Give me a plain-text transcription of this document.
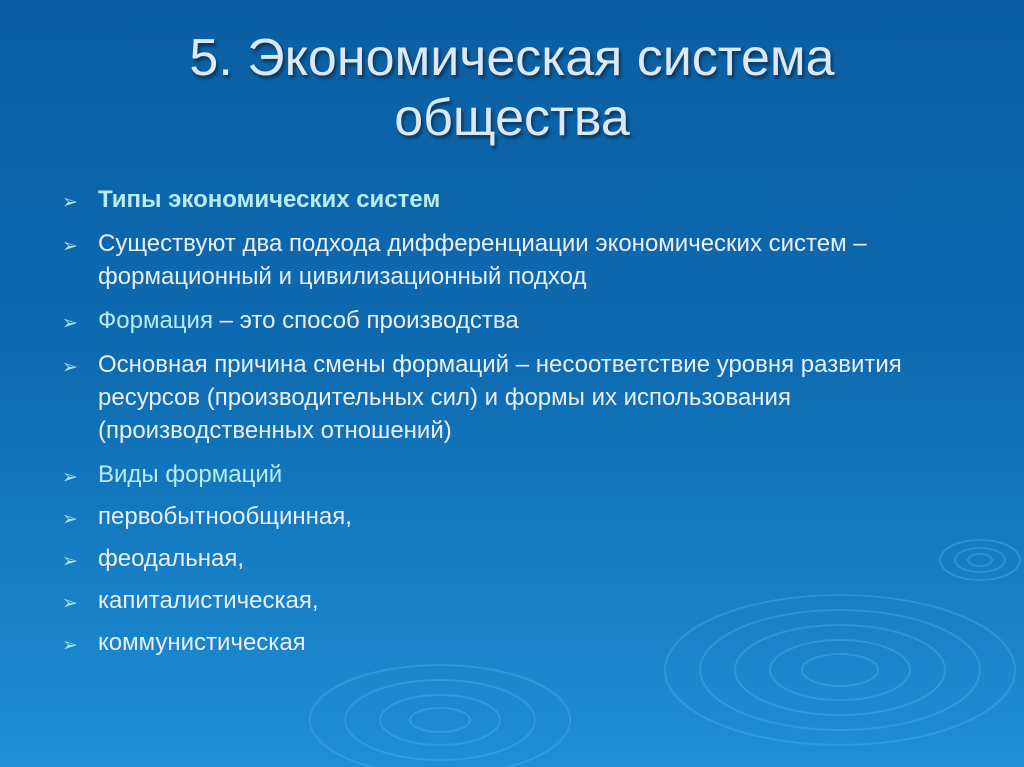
5. Экономическая система
общества
➢ Типы экономических систем
➢ Существуют два подхода дифференциации экономических систем – формационный и цивилизационный подход
➢ Формация – это способ производства
➢ Основная причина смены формаций – несоответствие уровня развития ресурсов (производительных сил) и формы их использования (производственных отношений)
➢ Виды формаций
➢ первобытнообщинная,
➢ феодальная,
➢ капиталистическая,
➢ коммунистическая
